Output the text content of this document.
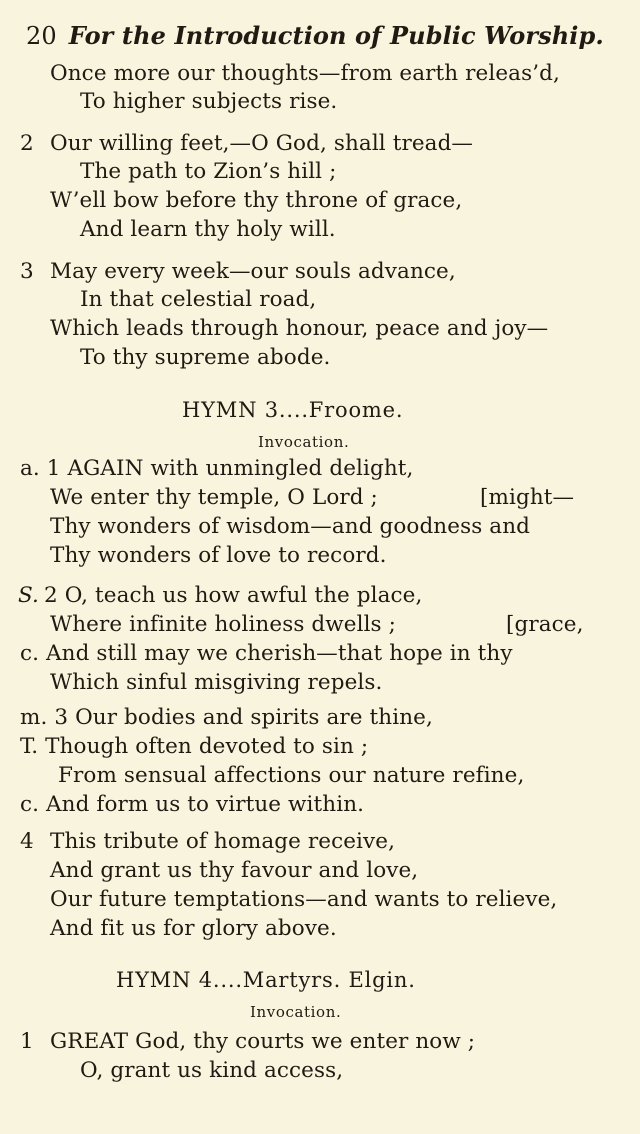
20 For the Introduction of Public Worship.
Once more our thoughts—from earth releas’d,
To higher subjects rise.
2 Our willing feet,—O God, shall tread—
The path to Zion’s hill ;
W’ell bow before thy throne of grace,
And learn thy holy will.
3 May every week—our souls advance,
In that celestial road,
Which leads through honour, peace and joy—
To thy supreme abode.
HYMN 3....Froome.
Invocation.
a. 1 AGAIN with unmingled delight,
We enter thy temple, O Lord ;	[might—
Thy wonders of wisdom—and goodness and
Thy wonders of love to record.
S. 2 O, teach us how awful the place,
Where infinite holiness dwells ;	[grace,
c. And still may we cherish—that hope in thy
Which sinful misgiving repels.
m. 3 Our bodies and spirits are thine,
T. Though often devoted to sin ;
From sensual affections our nature refine,
c. And form us to virtue within.
4 This tribute of homage receive,
And grant us thy favour and love,
Our future temptations—and wants to relieve,
And fit us for glory above.
HYMN 4....Martyrs. Elgin.
Invocation.
1 GREAT God, thy courts we enter now ;
O, grant us kind access,
